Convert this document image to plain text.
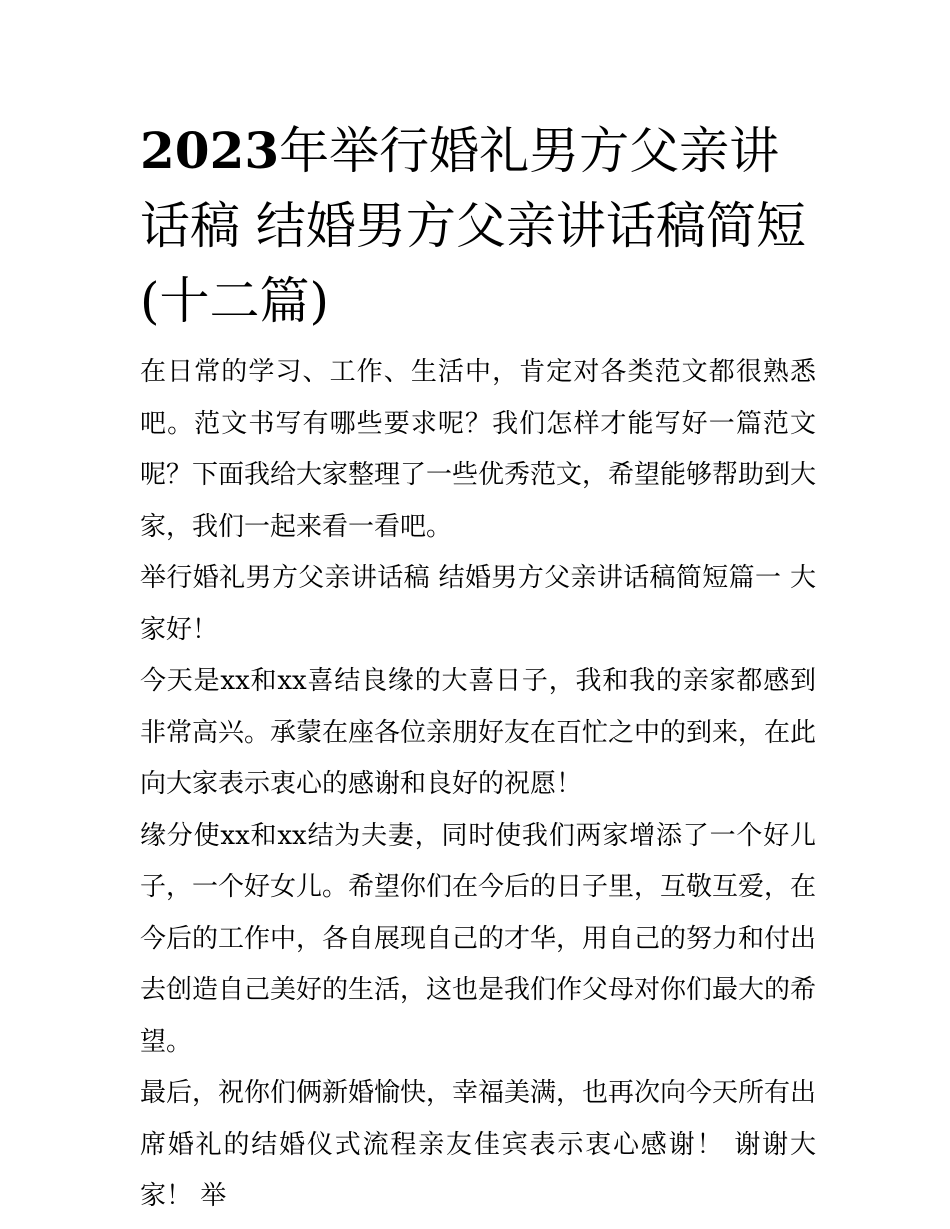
2023年举行婚礼男方父亲讲话稿 结婚男方父亲讲话稿简短(十二篇)

在日常的学习、工作、生活中，肯定对各类范文都很熟悉吧。范文书写有哪些要求呢？我们怎样才能写好一篇范文呢？下面我给大家整理了一些优秀范文，希望能够帮助到大家，我们一起来看一看吧。

举行婚礼男方父亲讲话稿 结婚男方父亲讲话稿简短篇一 大家好！

今天是xx和xx喜结良缘的大喜日子，我和我的亲家都感到非常高兴。承蒙在座各位亲朋好友在百忙之中的到来，在此向大家表示衷心的感谢和良好的祝愿！

缘分使xx和xx结为夫妻，同时使我们两家增添了一个好儿子，一个好女儿。希望你们在今后的日子里，互敬互爱，在今后的工作中，各自展现自己的才华，用自己的努力和付出去创造自己美好的生活，这也是我们作父母对你们最大的希望。

最后，祝你们俩新婚愉快，幸福美满，也再次向今天所有出席婚礼的结婚仪式流程亲友佳宾表示衷心感谢！ 谢谢大家！ 举
